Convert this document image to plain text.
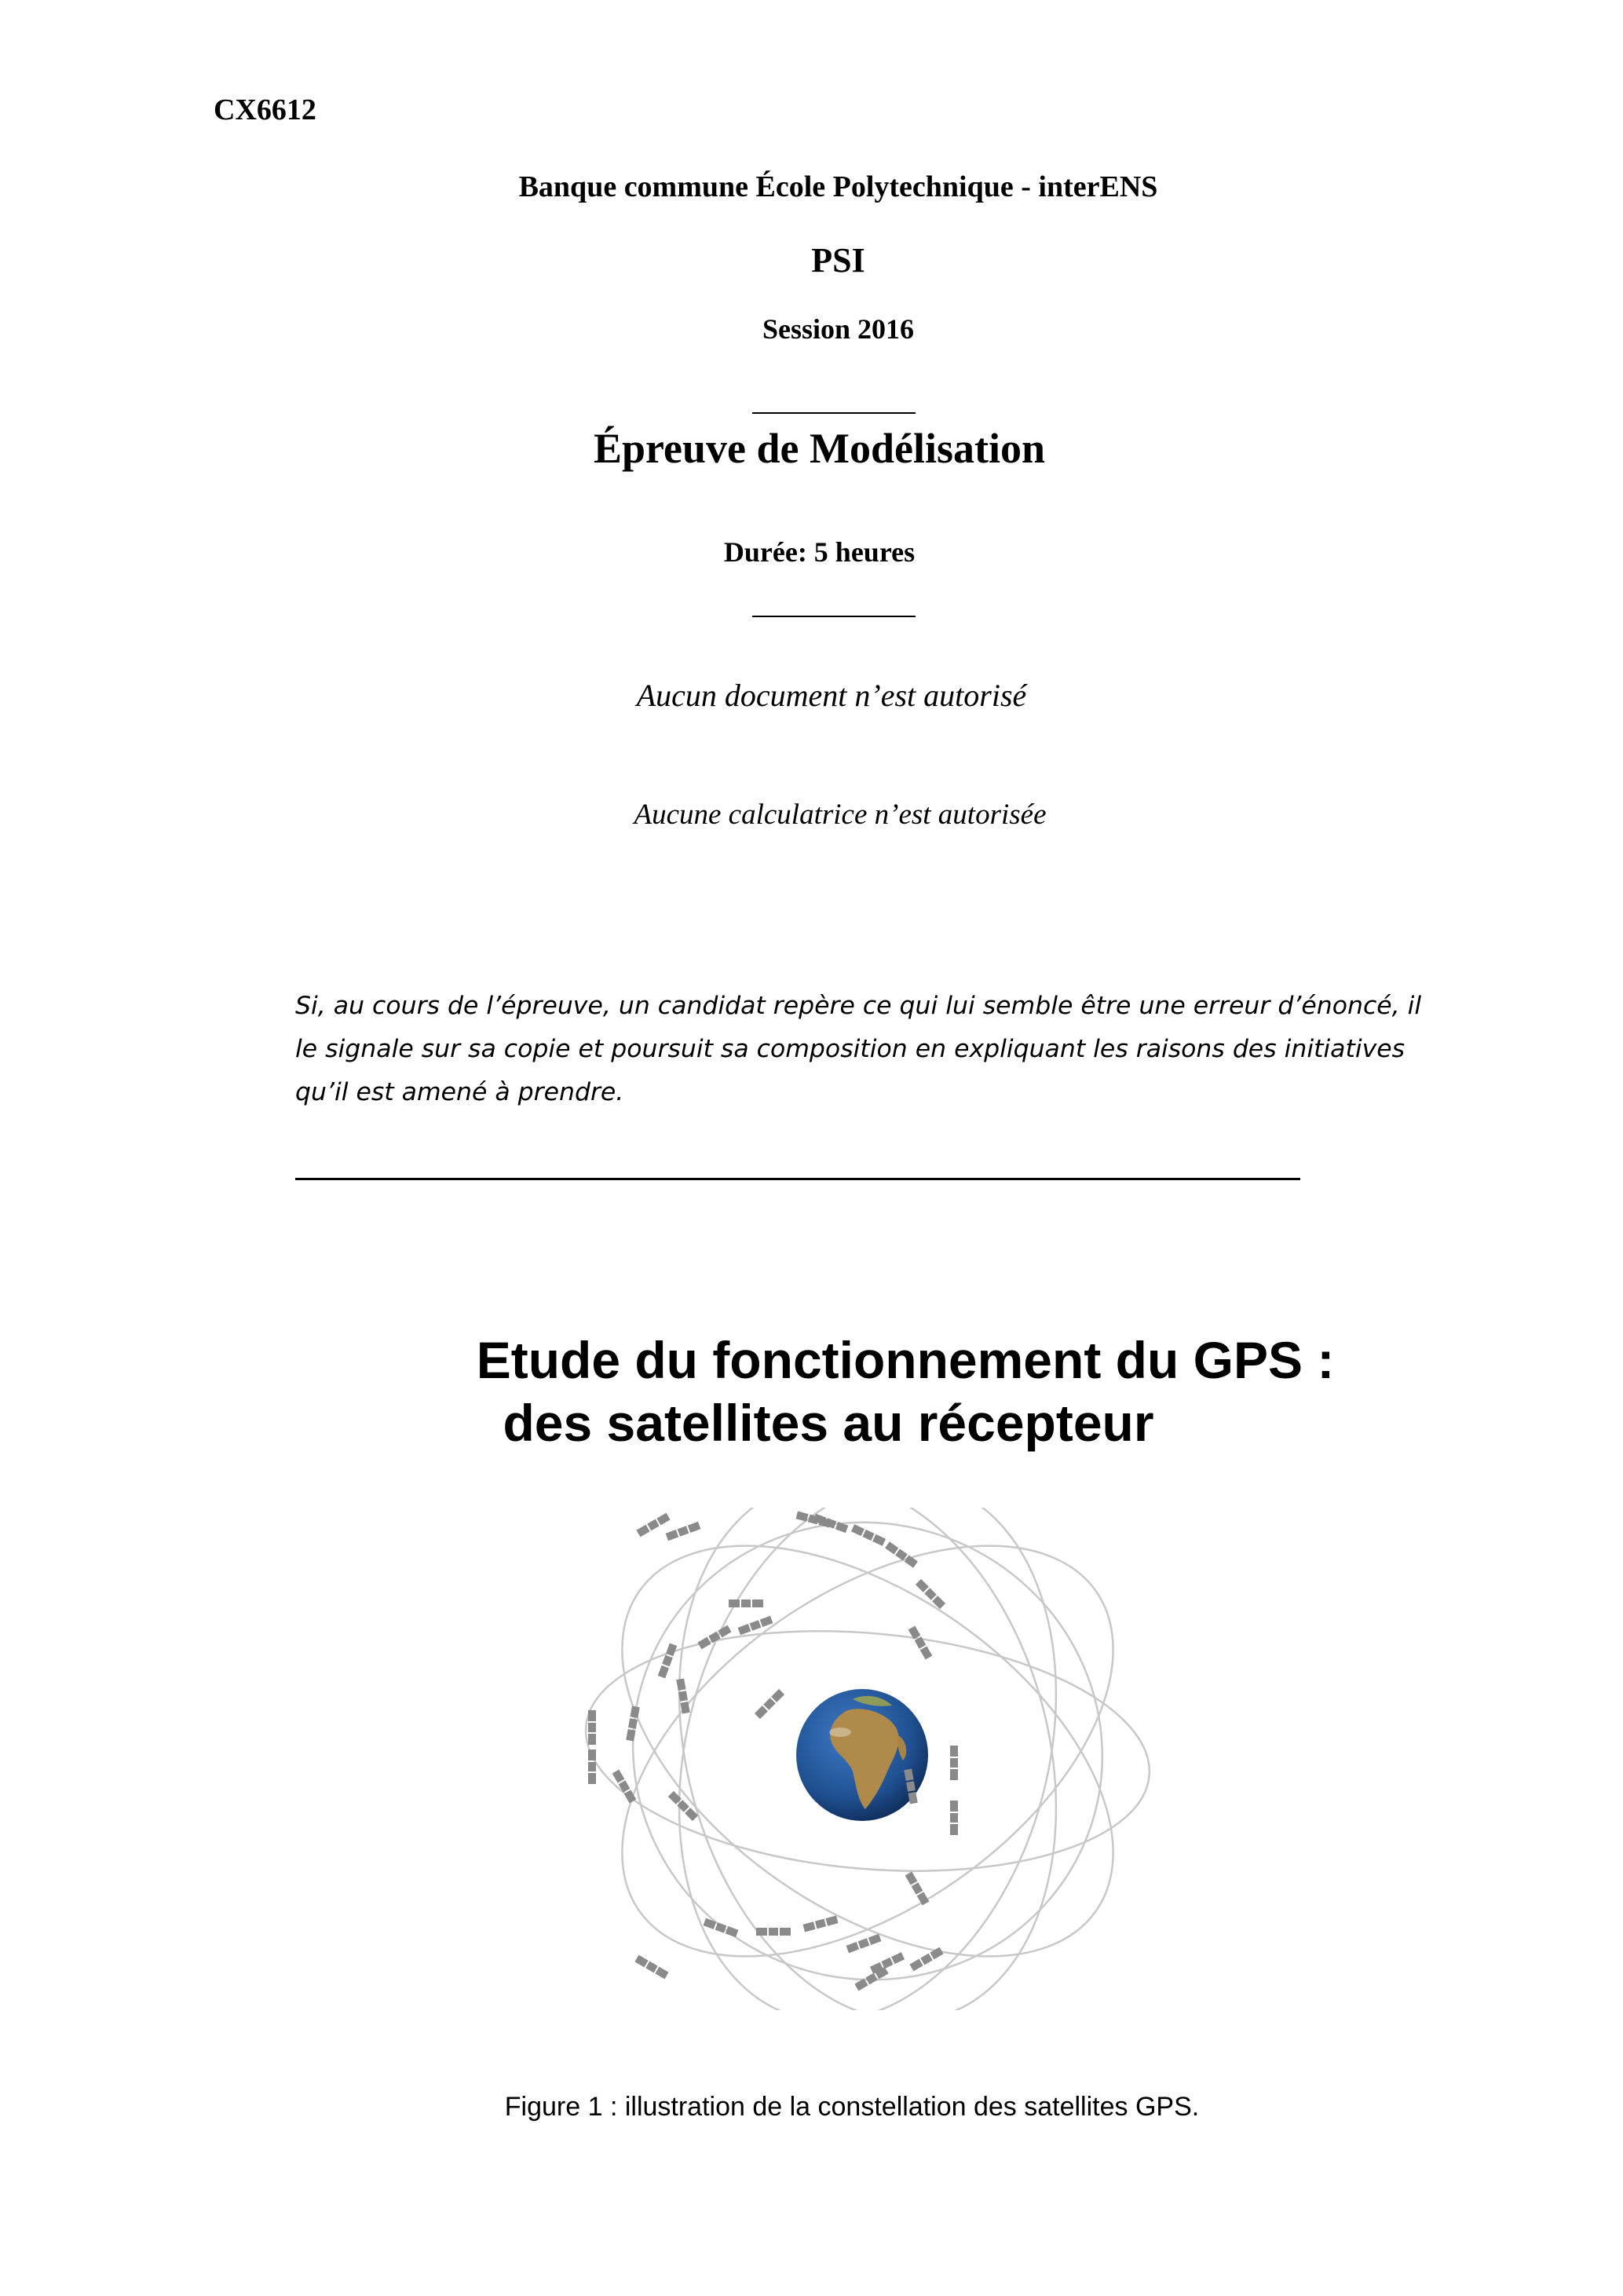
CX6612
Banque commune École Polytechnique - interENS
PSI
Session 2016
Épreuve de Modélisation
Durée: 5 heures
Aucun document n’est autorisé
Aucune calculatrice n’est autorisée
Si, au cours de l’épreuve, un candidat repère ce qui lui semble être une erreur d’énoncé, il le signale sur sa copie et poursuit sa composition en expliquant les raisons des initiatives qu’il est amené à prendre.
Etude du fonctionnement du GPS :
des satellites au récepteur
Figure 1 : illustration de la constellation des satellites GPS.
